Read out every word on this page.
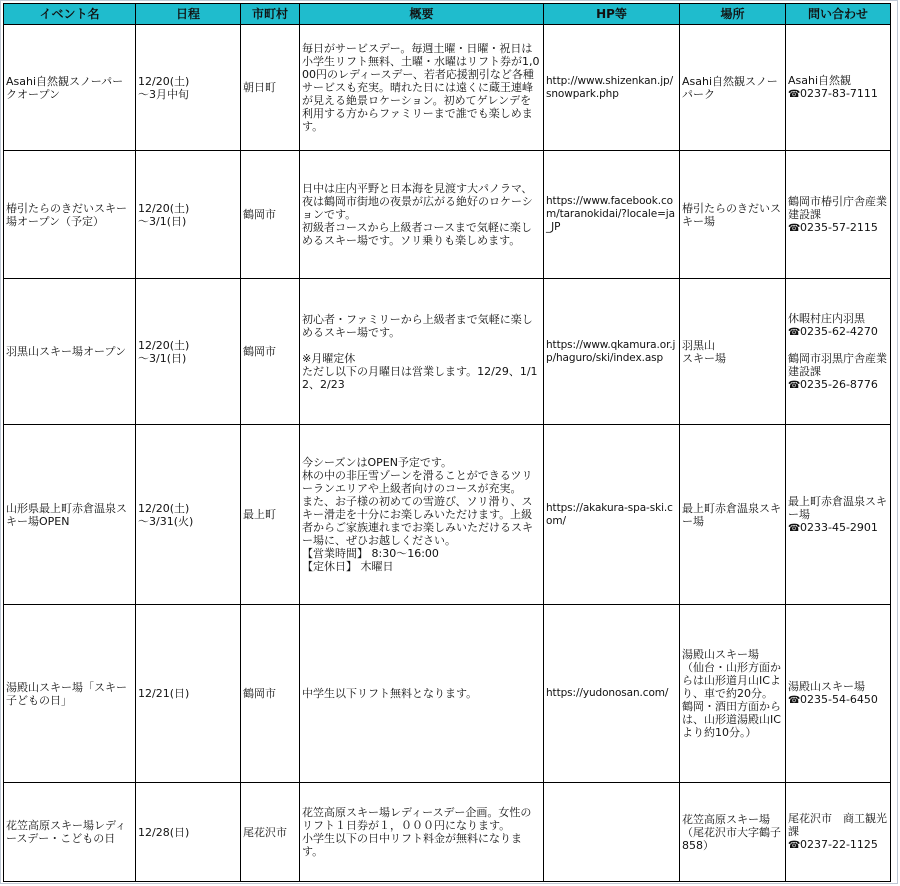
イベント名	日程	市町村	概要	HP等	場所	問い合わせ
Asahi自然観スノーパークオープン	12/20(土)
～3月中旬	朝日町	毎日がサービスデー。毎週土曜・日曜・祝日は小学生リフト無料、土曜・水曜はリフト券が1,000円のレディースデー、若者応援割引など各種サービスも充実。晴れた日には遠くに蔵王連峰が見える絶景ロケーション。初めてゲレンデを利用する方からファミリーまで誰でも楽しめます。	http://www.shizenkan.jp/snowpark.php	Asahi自然観スノーパーク	Asahi自然観
☎0237-83-7111

椿引たらのきだいスキー場オープン（予定）	12/20(土)
～3/1(日)	鶴岡市	日中は庄内平野と日本海を見渡す大パノラマ、夜は鶴岡市街地の夜景が広がる絶好のロケーションです。
初級者コースから上級者コースまで気軽に楽しめるスキー場です。ソリ乗りも楽しめます。	https://www.facebook.com/taranokidai/?locale=ja_JP	椿引たらのきだいスキー場	鶴岡市椿引庁舎産業建設課
☎0235-57-2115

羽黒山スキー場オープン	12/20(土)
～3/1(日)	鶴岡市	初心者・ファミリーから上級者まで気軽に楽しめるスキー場です。

※月曜定休
ただし以下の月曜日は営業します。12/29、1/12、2/23	https://www.qkamura.or.jp/haguro/ski/index.asp	羽黒山
スキー場	休暇村庄内羽黒
☎0235-62-4270
鶴岡市羽黒庁舎産業建設課
☎0235-26-8776

山形県最上町赤倉温泉スキー場OPEN	12/20(土)
～3/31(火)	最上町	今シーズンはOPEN予定です。
林の中の非圧雪ゾーンを滑ることができるツリーランエリアや上級者向けのコースが充実。
また、お子様の初めての雪遊び、ソリ滑り、スキー滑走を十分にお楽しみいただけます。上級者からご家族連れまでお楽しみいただけるスキー場に、ぜひお越しください。
【営業時間】 8:30～16:00
【定休日】 木曜日	https://akakura-spa-ski.com/	最上町赤倉温泉スキー場	最上町赤倉温泉スキー場
☎0233-45-2901

湯殿山スキー場「スキー子どもの日」	12/21(日)	鶴岡市	中学生以下リフト無料となります。	https://yudonosan.com/	湯殿山スキー場
（仙台・山形方面からは山形道月山ICより、車で約20分。鶴岡・酒田方面からは、山形道湯殿山ICより約10分。）	湯殿山スキー場
☎0235-54-6450

花笠高原スキー場レディースデー・こどもの日	12/28(日)	尾花沢市	花笠高原スキー場レディースデー企画。女性のリフト１日券が１，０００円になります。
小学生以下の日中リフト料金が無料になります。		花笠高原スキー場
（尾花沢市大字鶴子858）	尾花沢市　商工観光課
☎0237-22-1125
